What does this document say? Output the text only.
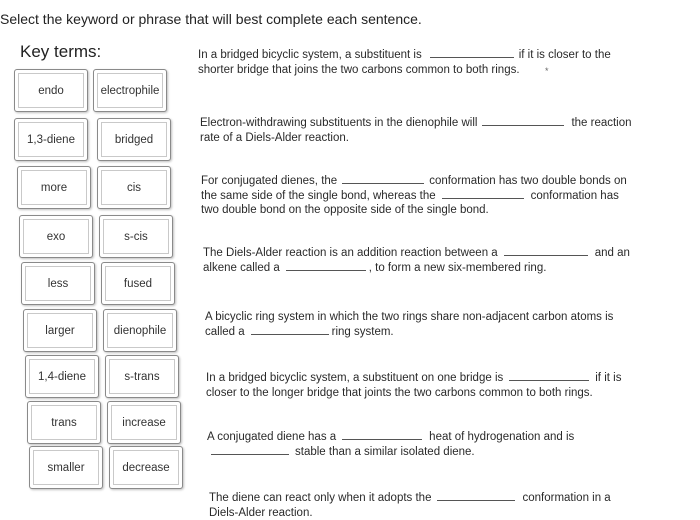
Select the keyword or phrase that will best complete each sentence.
Key terms:
endo	electrophile
1,3-diene	bridged
more	cis
exo	s-cis
less	fused
larger	dienophile
1,4-diene	s-trans
trans	increase
smaller	decrease
In a bridged bicyclic system, a substituent is	if it is closer to the
shorter bridge that joins the two carbons common to both rings.	*
Electron-withdrawing substituents in the dienophile will	the reaction
rate of a Diels-Alder reaction.
For conjugated dienes, the	conformation has two double bonds on
the same side of the single bond, whereas the	conformation has
two double bond on the opposite side of the single bond.
The Diels-Alder reaction is an addition reaction between a	and an
alkene called a	, to form a new six-membered ring.
A bicyclic ring system in which the two rings share non-adjacent carbon atoms is
called a	ring system.
In a bridged bicyclic system, a substituent on one bridge is	if it is
closer to the longer bridge that joints the two carbons common to both rings.
A conjugated diene has a	heat of hydrogenation and is
stable than a similar isolated diene.
The diene can react only when it adopts the	conformation in a
Diels-Alder reaction.
